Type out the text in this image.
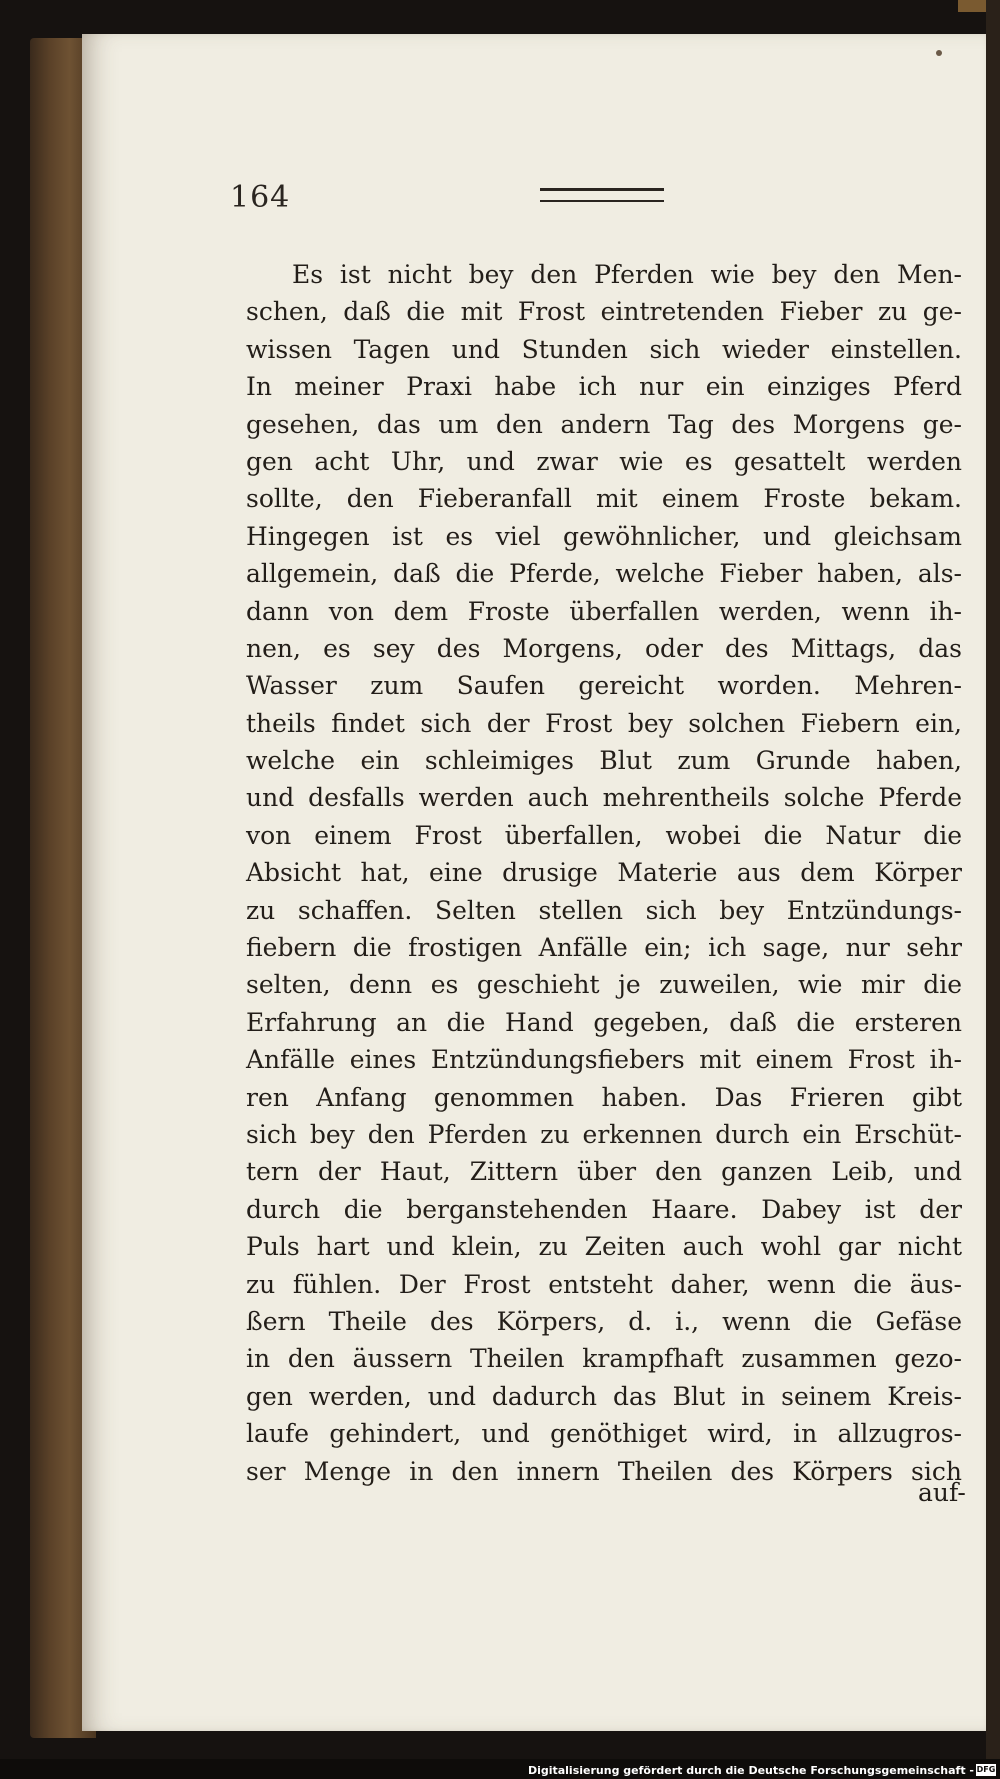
164
Es ist nicht bey den Pferden wie bey den Men-
schen, daß die mit Frost eintretenden Fieber zu ge-
wissen Tagen und Stunden sich wieder einstellen.
In meiner Praxi habe ich nur ein einziges Pferd
gesehen, das um den andern Tag des Morgens ge-
gen acht Uhr, und zwar wie es gesattelt werden
sollte, den Fieberanfall mit einem Froste bekam.
Hingegen ist es viel gewöhnlicher, und gleichsam
allgemein, daß die Pferde, welche Fieber haben, als-
dann von dem Froste überfallen werden, wenn ih-
nen, es sey des Morgens, oder des Mittags, das
Wasser zum Saufen gereicht worden. Mehren-
theils findet sich der Frost bey solchen Fiebern ein,
welche ein schleimiges Blut zum Grunde haben,
und desfalls werden auch mehrentheils solche Pferde
von einem Frost überfallen, wobei die Natur die
Absicht hat, eine drusige Materie aus dem Körper
zu schaffen. Selten stellen sich bey Entzündungs-
fiebern die frostigen Anfälle ein; ich sage, nur sehr
selten, denn es geschieht je zuweilen, wie mir die
Erfahrung an die Hand gegeben, daß die ersteren
Anfälle eines Entzündungsfiebers mit einem Frost ih-
ren Anfang genommen haben. Das Frieren gibt
sich bey den Pferden zu erkennen durch ein Erschüt-
tern der Haut, Zittern über den ganzen Leib, und
durch die berganstehenden Haare. Dabey ist der
Puls hart und klein, zu Zeiten auch wohl gar nicht
zu fühlen. Der Frost entsteht daher, wenn die äus-
ßern Theile des Körpers, d. i., wenn die Gefäse
in den äussern Theilen krampfhaft zusammen gezo-
gen werden, und dadurch das Blut in seinem Kreis-
laufe gehindert, und genöthiget wird, in allzugros-
ser Menge in den innern Theilen des Körpers sich
auf-
Digitalisierung gefördert durch die Deutsche Forschungsgemeinschaft - DFG
